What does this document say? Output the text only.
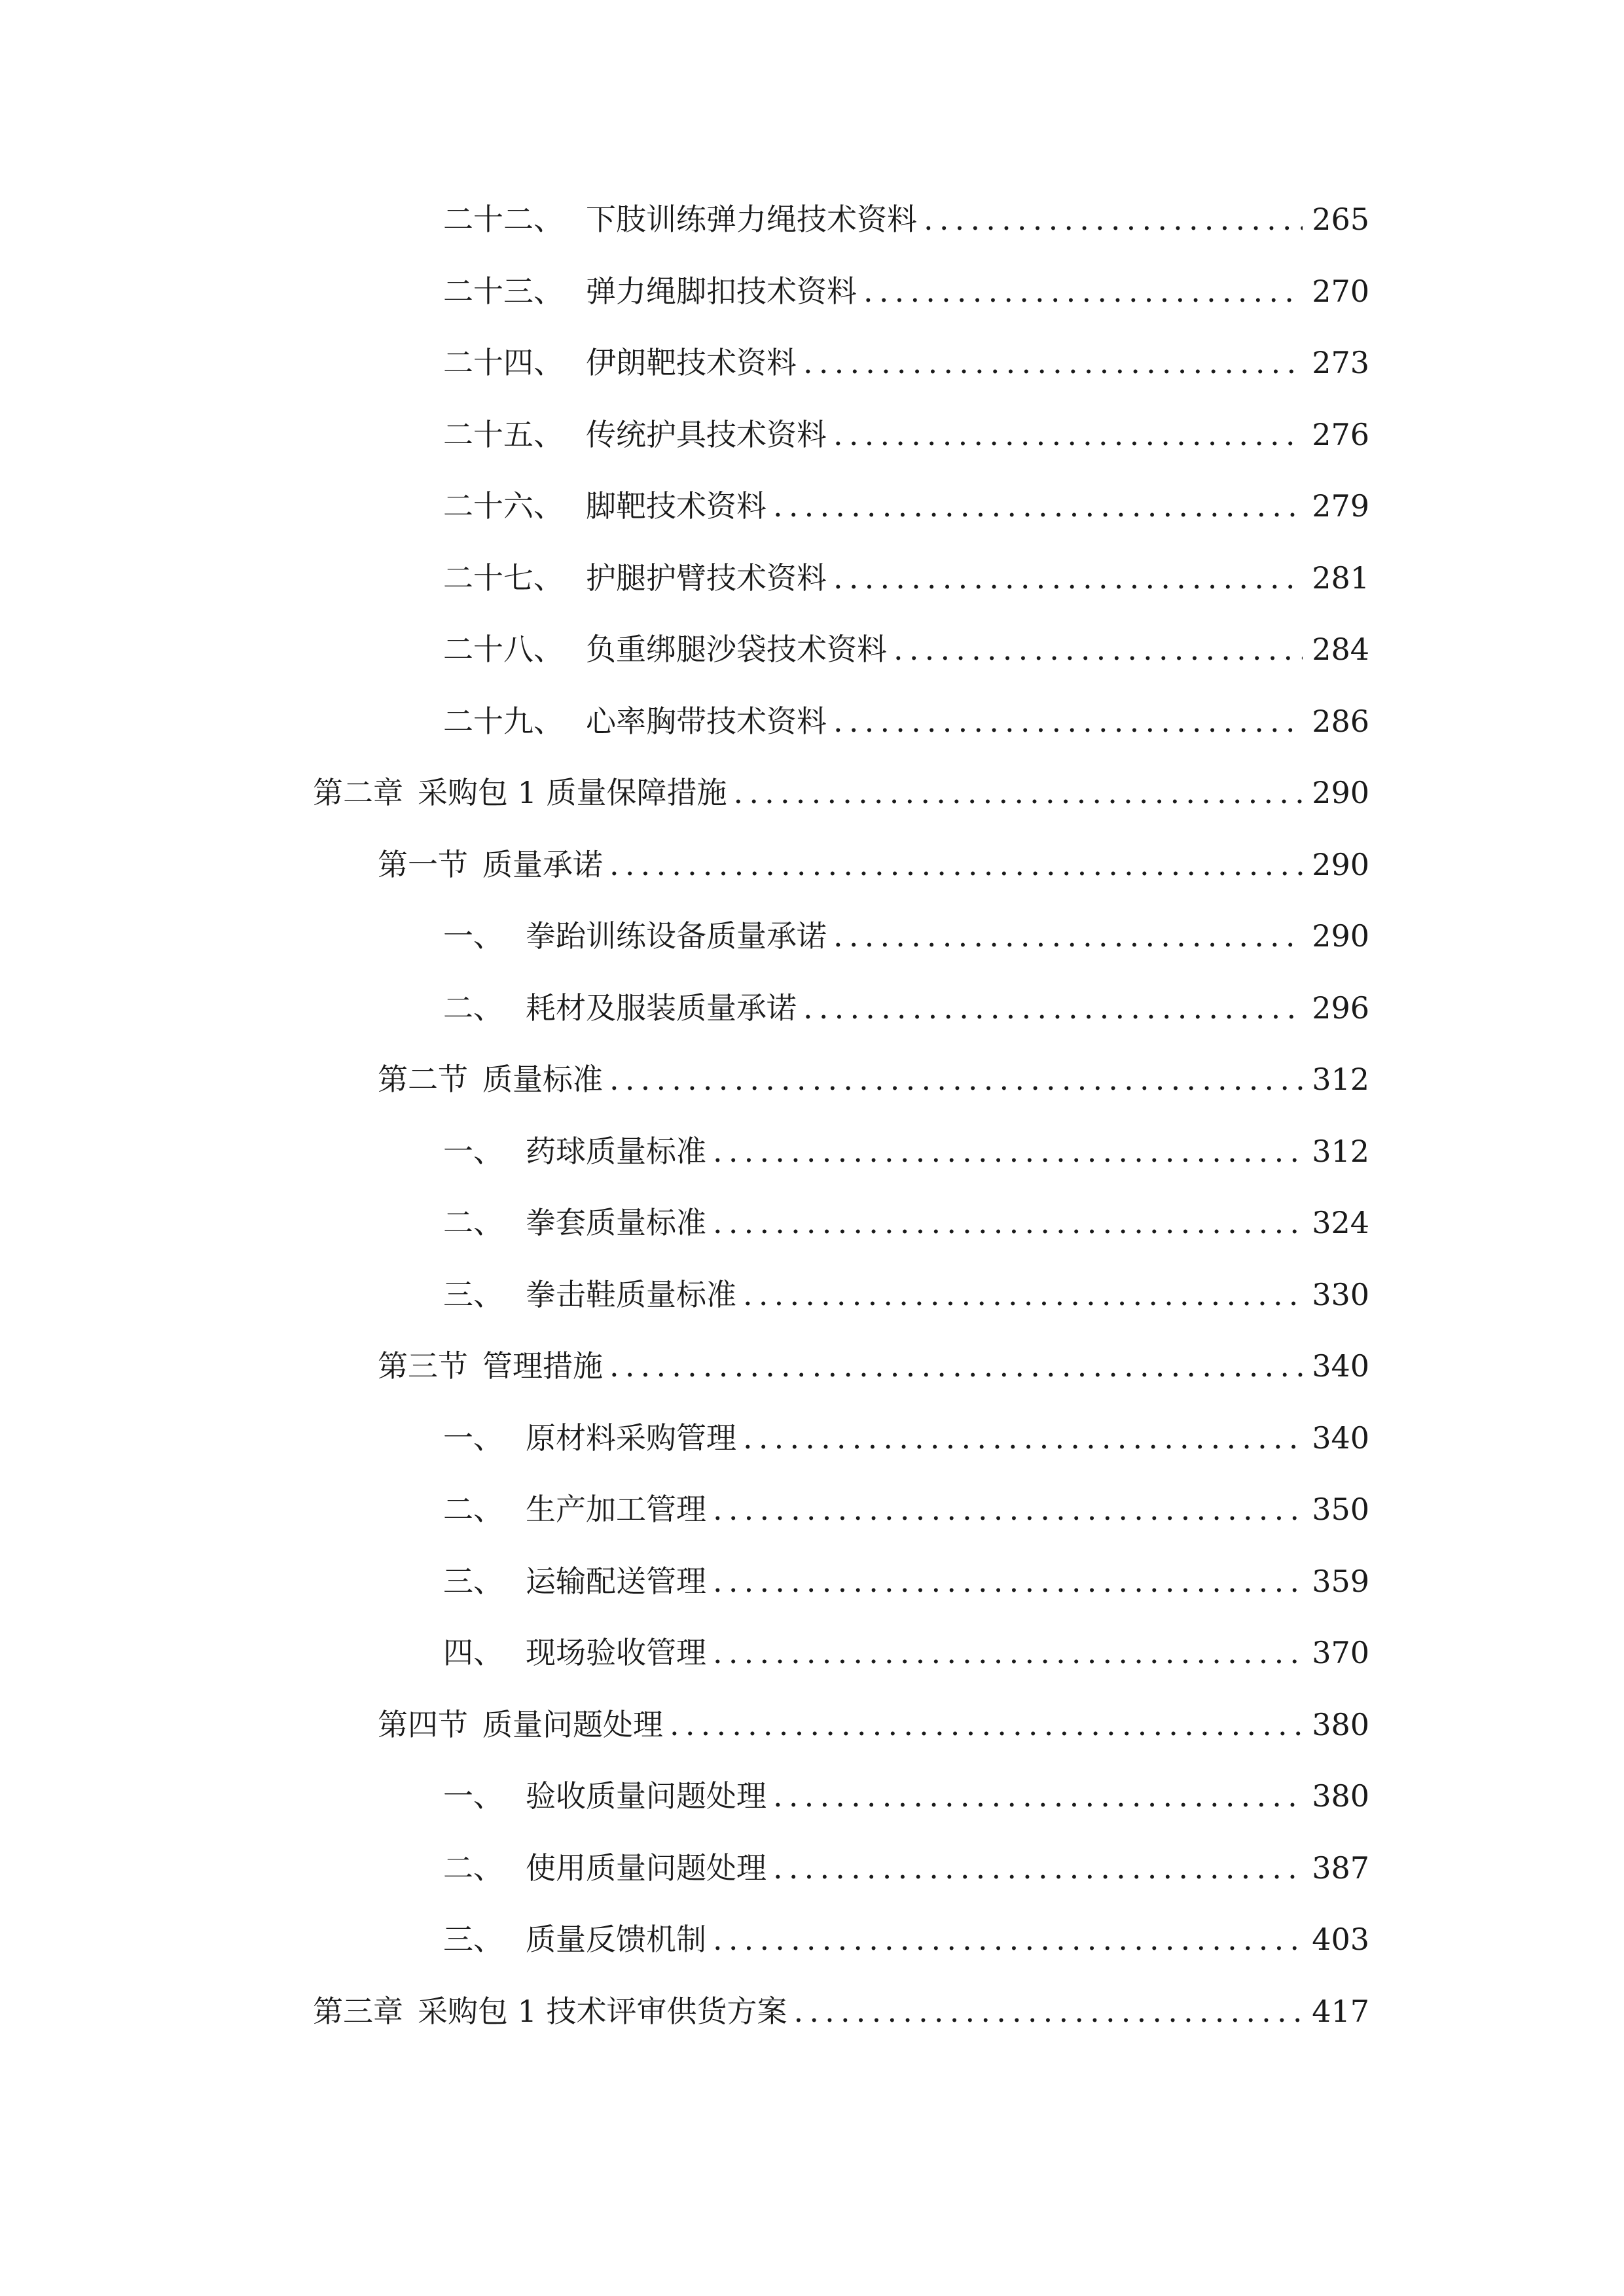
二十二、 下肢训练弹力绳技术资料 .....	265
二十三、 弹力绳脚扣技术资料 .....	270
二十四、 伊朗靶技术资料 .....	273
二十五、 传统护具技术资料 .....	276
二十六、 脚靶技术资料 .....	279
二十七、 护腿护臂技术资料 .....	281
二十八、 负重绑腿沙袋技术资料 .....	284
二十九、 心率胸带技术资料 .....	286
第二章 采购包 1 质量保障措施 .....	290
第一节 质量承诺 .....	290
一、 拳跆训练设备质量承诺 .....	290
二、 耗材及服装质量承诺 .....	296
第二节 质量标准 .....	312
一、 药球质量标准 .....	312
二、 拳套质量标准 .....	324
三、 拳击鞋质量标准 .....	330
第三节 管理措施 .....	340
一、 原材料采购管理 .....	340
二、 生产加工管理 .....	350
三、 运输配送管理 .....	359
四、 现场验收管理 .....	370
第四节 质量问题处理 .....	380
一、 验收质量问题处理 .....	380
二、 使用质量问题处理 .....	387
三、 质量反馈机制 .....	403
第三章 采购包 1 技术评审供货方案 .....	417
